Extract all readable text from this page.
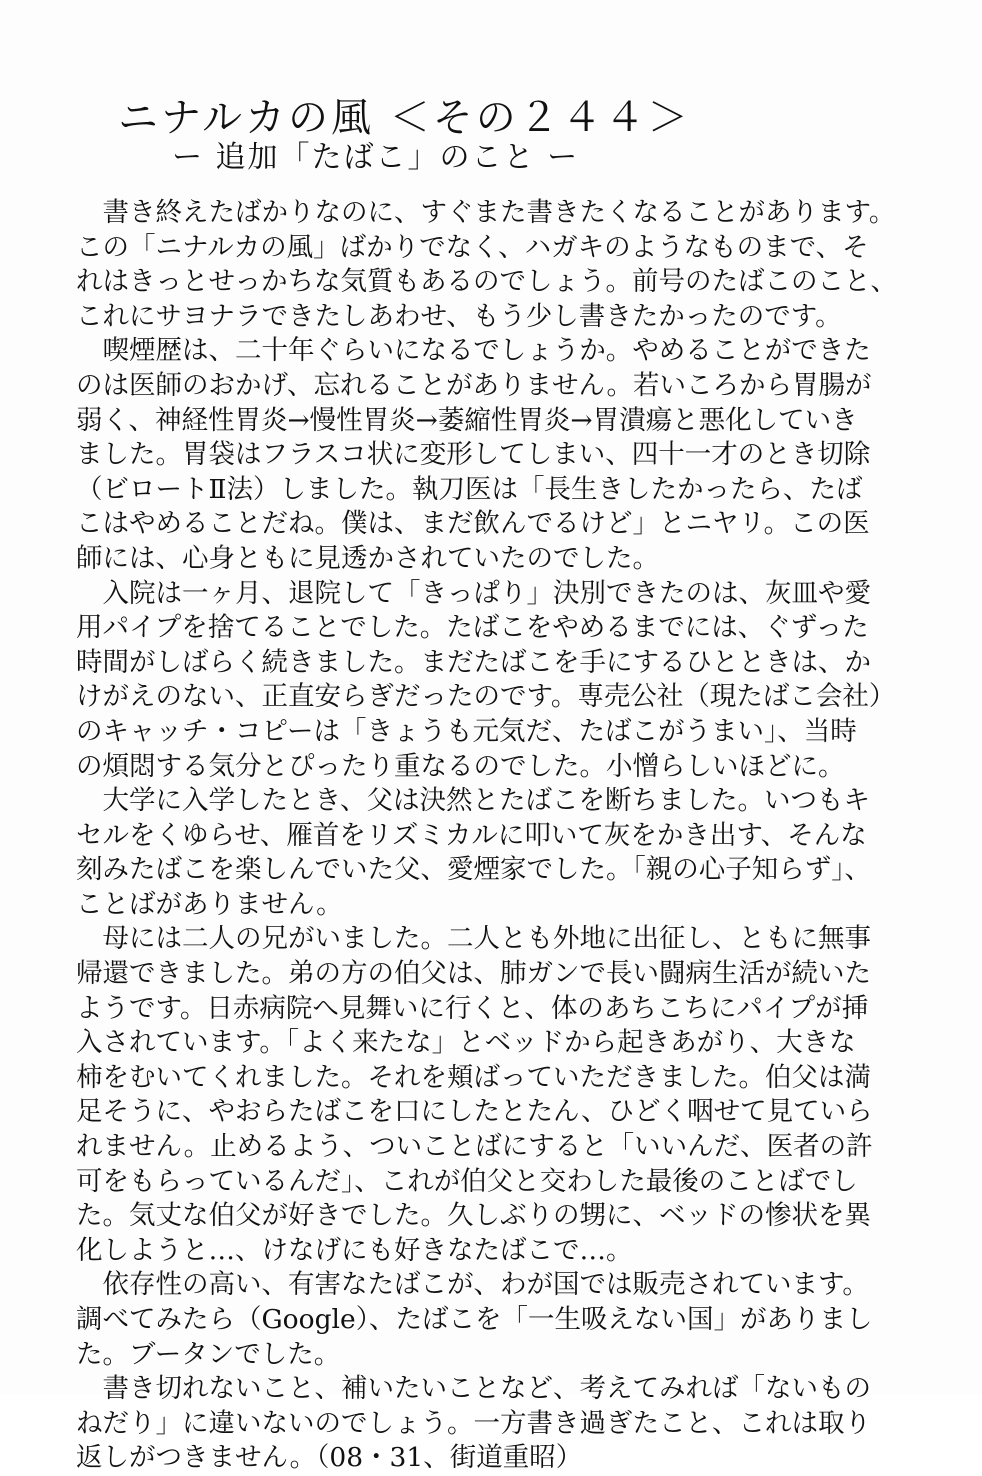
ニナルカの風 ＜その２４４＞
ー 追加「たばこ」のこと ー
　書き終えたばかりなのに、すぐまた書きたくなることがあります。
この「ニナルカの風」ばかりでなく、ハガキのようなものまで、そ
れはきっとせっかちな気質もあるのでしょう。前号のたばこのこと、
これにサヨナラできたしあわせ、もう少し書きたかったのです。
　喫煙歴は、二十年ぐらいになるでしょうか。やめることができた
のは医師のおかげ、忘れることがありません。若いころから胃腸が
弱く、神経性胃炎→慢性胃炎→萎縮性胃炎→胃潰瘍と悪化していき
ました。胃袋はフラスコ状に変形してしまい、四十一才のとき切除
（ビロートⅡ法）しました。執刀医は「長生きしたかったら、たば
こはやめることだね。僕は、まだ飲んでるけど」とニヤリ。この医
師には、心身ともに見透かされていたのでした。
　入院は一ヶ月、退院して「きっぱり」決別できたのは、灰皿や愛
用パイプを捨てることでした。たばこをやめるまでには、ぐずった
時間がしばらく続きました。まだたばこを手にするひとときは、か
けがえのない、正直安らぎだったのです。専売公社（現たばこ会社）
のキャッチ・コピーは「きょうも元気だ、たばこがうまい」、当時
の煩悶する気分とぴったり重なるのでした。小憎らしいほどに。
　大学に入学したとき、父は決然とたばこを断ちました。いつもキ
セルをくゆらせ、雁首をリズミカルに叩いて灰をかき出す、そんな
刻みたばこを楽しんでいた父、愛煙家でした。「親の心子知らず」、
ことばがありません。
　母には二人の兄がいました。二人とも外地に出征し、ともに無事
帰還できました。弟の方の伯父は、肺ガンで長い闘病生活が続いた
ようです。日赤病院へ見舞いに行くと、体のあちこちにパイプが挿
入されています。「よく来たな」とベッドから起きあがり、大きな
柿をむいてくれました。それを頬ばっていただきました。伯父は満
足そうに、やおらたばこを口にしたとたん、ひどく咽せて見ていら
れません。止めるよう、ついことばにすると「いいんだ、医者の許
可をもらっているんだ」、これが伯父と交わした最後のことばでし
た。気丈な伯父が好きでした。久しぶりの甥に、ベッドの惨状を異
化しようと…、けなげにも好きなたばこで…。
　依存性の高い、有害なたばこが、わが国では販売されています。
調べてみたら（Google）、たばこを「一生吸えない国」がありまし
た。ブータンでした。
　書き切れないこと、補いたいことなど、考えてみれば「ないもの
ねだり」に違いないのでしょう。一方書き過ぎたこと、これは取り
返しがつきません。（08・31、街道重昭）
